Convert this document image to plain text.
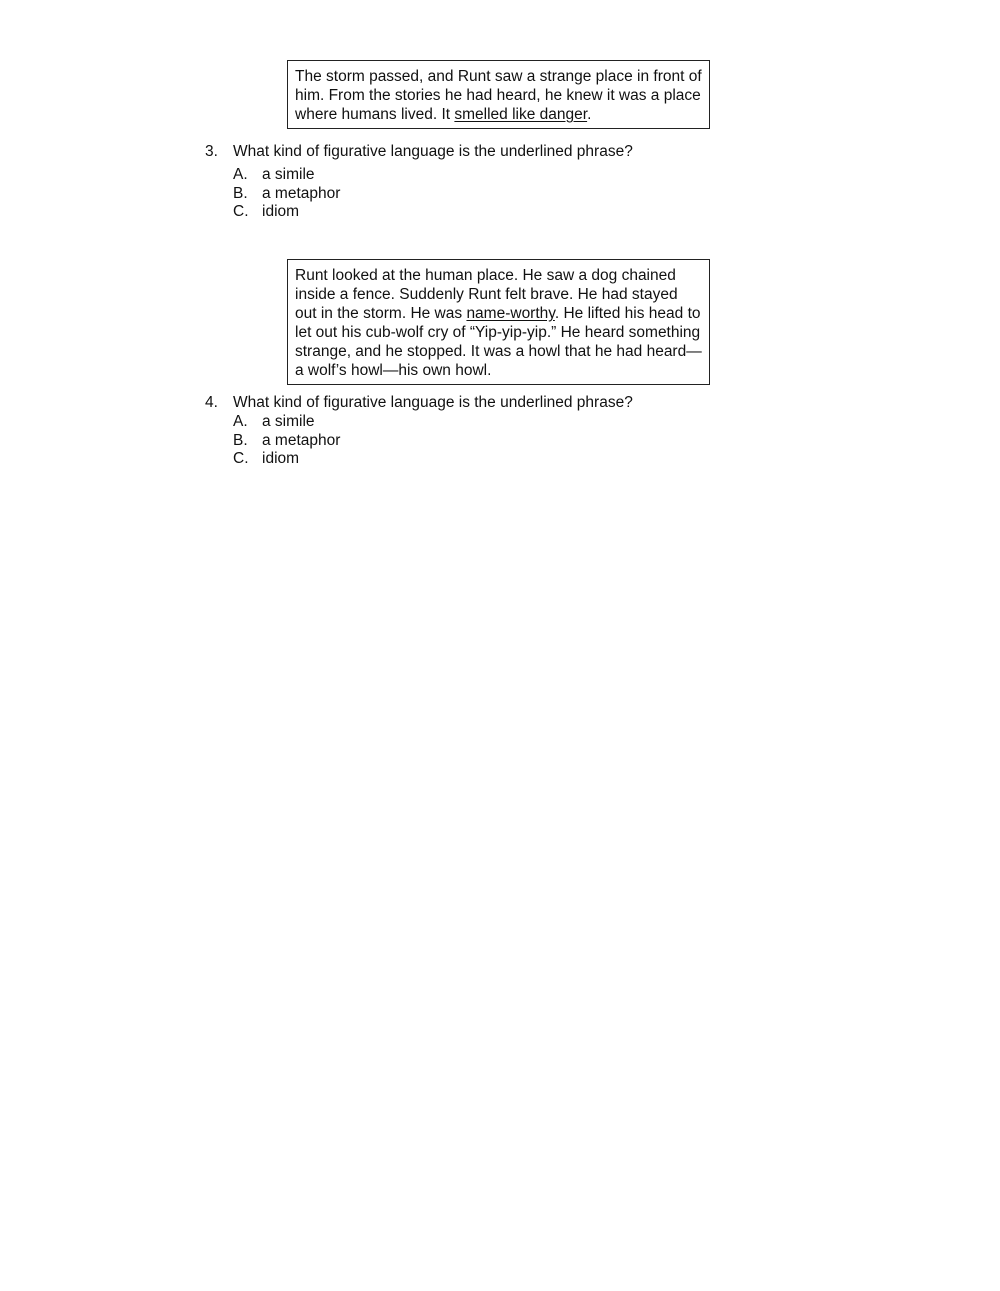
The storm passed, and Runt saw a strange place in front of him. From the stories he had heard, he knew it was a place where humans lived. It smelled like danger.
3. What kind of figurative language is the underlined phrase?
A. a simile
B. a metaphor
C. idiom
Runt looked at the human place. He saw a dog chained inside a fence. Suddenly Runt felt brave. He had stayed out in the storm. He was name-worthy. He lifted his head to let out his cub-wolf cry of “Yip-yip-yip.” He heard something strange, and he stopped. It was a howl that he had heard—a wolf’s howl—his own howl.
4. What kind of figurative language is the underlined phrase?
A. a simile
B. a metaphor
C. idiom
